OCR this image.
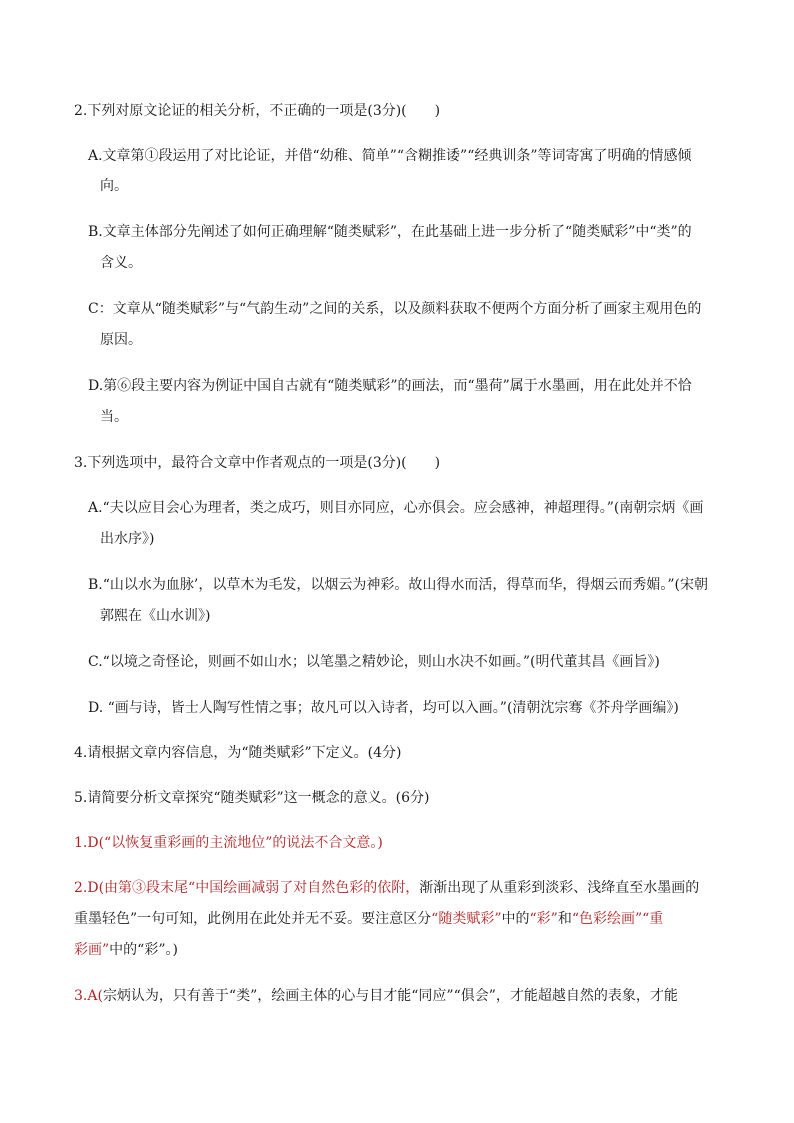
2.下列对原文论证的相关分析，不正确的一项是(3分)(　　)
A.文章第①段运用了对比论证，并借“幼稚、简单”“含糊推诿”“经典训条”等词寄寓了明确的情感倾
向。
B.文章主体部分先阐述了如何正确理解“随类赋彩”，在此基础上进一步分析了“随类赋彩”中“类”的
含义。
C：文章从“随类赋彩”与“气韵生动”之间的关系，以及颜料获取不便两个方面分析了画家主观用色的
原因。
D.第⑥段主要内容为例证中国自古就有“随类赋彩”的画法，而“墨荷”属于水墨画，用在此处并不恰
当。
3.下列选项中，最符合文章中作者观点的一项是(3分)(　　)
A.“夫以应目会心为理者，类之成巧，则目亦同应，心亦俱会。应会感神，神超理得。”(南朝宗炳《画
出水序》)
B.“山以水为血脉’，以草木为毛发，以烟云为神彩。故山得水而活，得草而华，得烟云而秀媚。”(宋朝
郭熙在《山水训》)
C.“以境之奇怪论，则画不如山水；以笔墨之精妙论，则山水决不如画。”(明代董其昌《画旨》)
D. “画与诗，皆士人陶写性情之事；故凡可以入诗者，均可以入画。”(清朝沈宗骞《芥舟学画编》)
4.请根据文章内容信息，为“随类赋彩”下定义。(4分)
5.请简要分析文章探究“随类赋彩”这一概念的意义。(6分)
1.D(“以恢复重彩画的主流地位”的说法不合文意。)
2.D(由第③段末尾“中国绘画减弱了对自然色彩的依附，渐渐出现了从重彩到淡彩、浅绛直至水墨画的
重墨轻色”一句可知，此例用在此处并无不妥。要注意区分“随类赋彩”中的“彩”和“色彩绘画”“重
彩画”中的“彩”。)
3.A(宗炳认为，只有善于“类”，绘画主体的心与目才能“同应”“俱会”，才能超越自然的表象，才能
